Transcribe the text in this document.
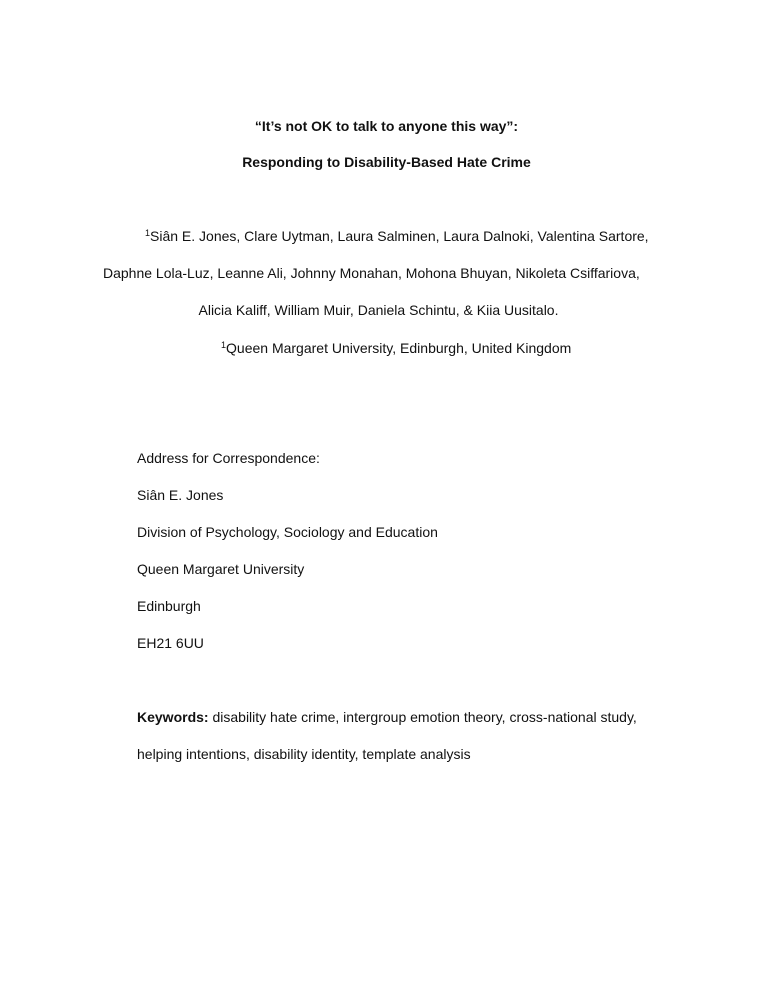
“It’s not OK to talk to anyone this way”:
Responding to Disability-Based Hate Crime
$^1$Siân E. Jones, Clare Uytman, Laura Salminen, Laura Dalnoki, Valentina Sartore,
Daphne Lola-Luz, Leanne Ali, Johnny Monahan, Mohona Bhuyan, Nikoleta Csiffariova,
Alicia Kaliff, William Muir, Daniela Schintu, & Kiia Uusitalo.
$^1$Queen Margaret University, Edinburgh, United Kingdom
Address for Correspondence:
Siân E. Jones
Division of Psychology, Sociology and Education
Queen Margaret University
Edinburgh
EH21 6UU
Keywords: disability hate crime, intergroup emotion theory, cross-national study,
helping intentions, disability identity, template analysis
